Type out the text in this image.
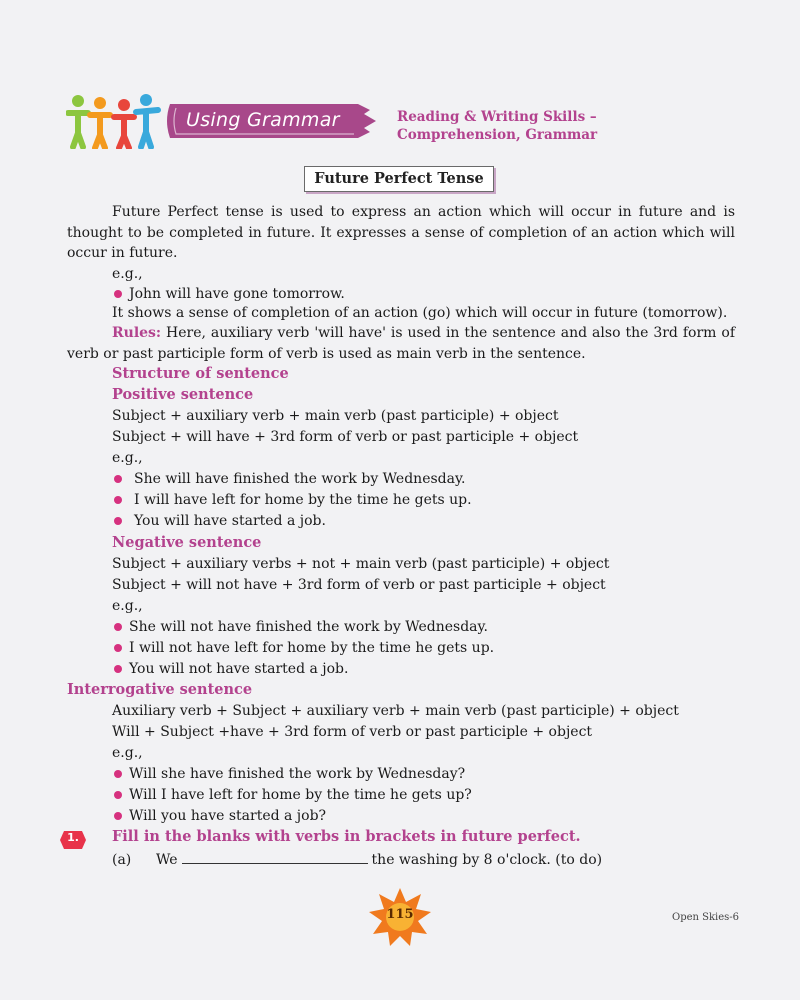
Using Grammar	Reading & Writing Skills –
Comprehension, Grammar
Future Perfect Tense
Future Perfect tense is used to express an action which will occur in future and is thought to be completed in future. It expresses a sense of completion of an action which will occur in future.
e.g.,
John will have gone tomorrow.
It shows a sense of completion of an action (go) which will occur in future (tomorrow).
Rules: Here, auxiliary verb 'will have' is used in the sentence and also the 3rd form of verb or past participle form of verb is used as main verb in the sentence.
Structure of sentence
Positive sentence
Subject + auxiliary verb + main verb (past participle) + object
Subject + will have + 3rd form of verb or past participle + object
e.g.,
She will have finished the work by Wednesday.
I will have left for home by the time he gets up.
You will have started a job.
Negative sentence
Subject + auxiliary verbs + not + main verb (past participle) + object
Subject + will not have + 3rd form of verb or past participle + object
e.g.,
She will not have finished the work by Wednesday.
I will not have left for home by the time he gets up.
You will not have started a job.
Interrogative sentence
Auxiliary verb + Subject + auxiliary verb + main verb (past participle) + object
Will + Subject +have + 3rd form of verb or past participle + object
e.g.,
Will she have finished the work by Wednesday?
Will I have left for home by the time he gets up?
Will you have started a job?
1.	Fill in the blanks with verbs in brackets in future perfect.
(a) We	the washing by 8 o'clock. (to do)
115	Open Skies-6
